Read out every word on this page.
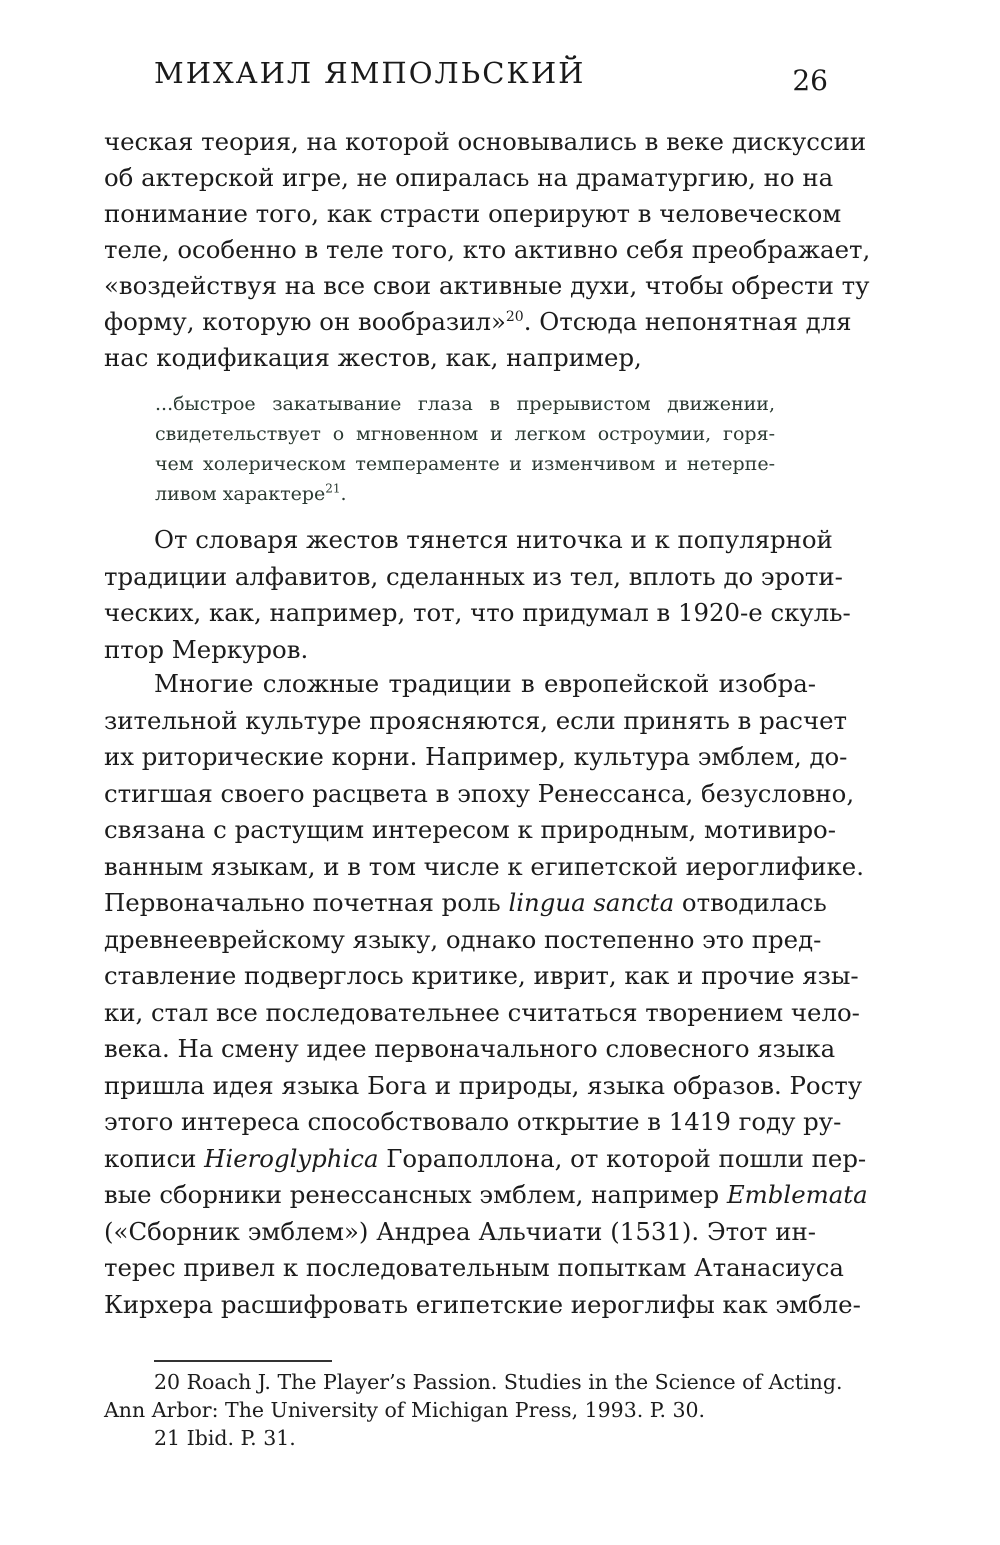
МИХАИЛ ЯМПОЛЬСКИЙ	26
ческая теория, на которой основывались в веке дискуссии
об актерской игре, не опиралась на драматургию, но на
понимание того, как страсти оперируют в человеческом
теле, особенно в теле того, кто активно себя преображает,
«воздействуя на все свои активные духи, чтобы обрести ту
форму, которую он вообразил»$^{20}$. Отсюда непонятная для
нас кодификация жестов, как, например,
...быстрое закатывание глаза в прерывистом движении,
свидетельствует о мгновенном и легком остроумии, горя-
чем холерическом темпераменте и изменчивом и нетерпе-
ливом характере$^{21}$.
От словаря жестов тянется ниточка и к популярной
традиции алфавитов, сделанных из тел, вплоть до эроти-
ческих, как, например, тот, что придумал в 1920-е скуль-
птор Меркуров.
Многие сложные традиции в европейской изобра-
зительной культуре проясняются, если принять в расчет
их риторические корни. Например, культура эмблем, до-
стигшая своего расцвета в эпоху Ренессанса, безусловно,
связана с растущим интересом к природным, мотивиро-
ванным языкам, и в том числе к египетской иероглифике.
Первоначально почетная роль lingua sancta отводилась
древнееврейскому языку, однако постепенно это пред-
ставление подверглось критике, иврит, как и прочие язы-
ки, стал все последовательнее считаться творением чело-
века. На смену идее первоначального словесного языка
пришла идея языка Бога и природы, языка образов. Росту
этого интереса способствовало открытие в 1419 году ру-
кописи Hieroglyphica Гораполлона, от которой пошли пер-
вые сборники ренессансных эмблем, например Emblemata
(«Сборник эмблем») Андреа Альчиати (1531). Этот ин-
терес привел к последовательным попыткам Атанасиуса
Кирхера расшифровать египетские иероглифы как эмбле-
20 Roach J. The Player’s Passion. Studies in the Science of Acting.
Ann Arbor: The University of Michigan Press, 1993. P. 30.
21 Ibid. P. 31.
